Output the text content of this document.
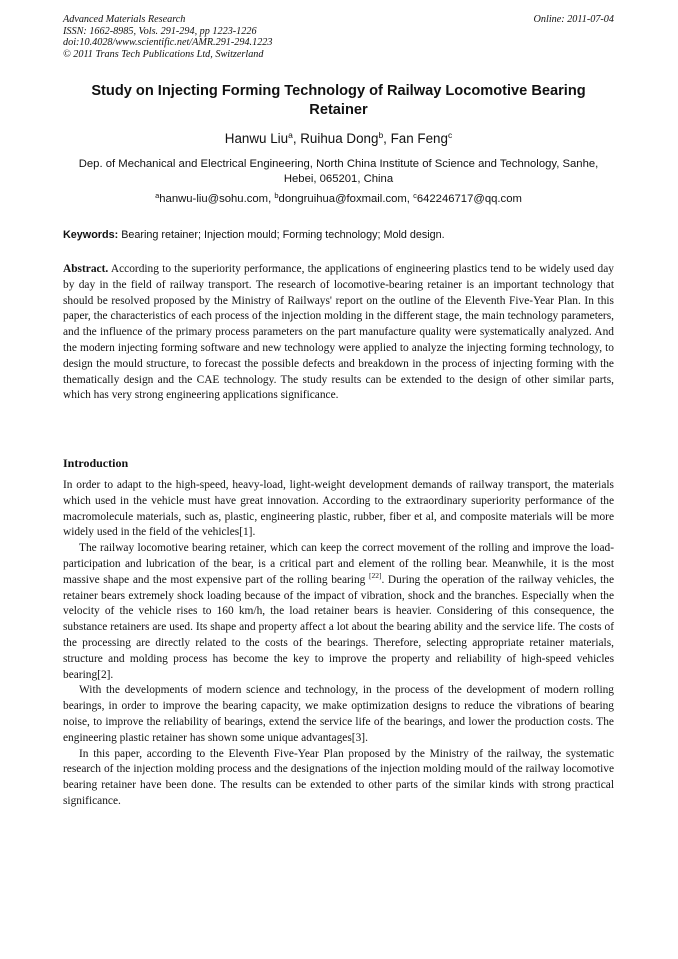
Advanced Materials Research
ISSN: 1662-8985, Vols. 291-294, pp 1223-1226
doi:10.4028/www.scientific.net/AMR.291-294.1223
© 2011 Trans Tech Publications Ltd, Switzerland
Online: 2011-07-04
Study on Injecting Forming Technology of Railway Locomotive Bearing Retainer
Hanwu Liu$^a$, Ruihua Dong$^b$, Fan Feng$^c$
Dep. of Mechanical and Electrical Engineering, North China Institute of Science and Technology, Sanhe, Hebei, 065201, China
$^a$hanwu-liu@sohu.com, $^b$dongruihua@foxmail.com, $^c$642246717@qq.com
Keywords: Bearing retainer; Injection mould; Forming technology; Mold design.

Abstract. According to the superiority performance, the applications of engineering plastics tend to be widely used day by day in the field of railway transport. The research of locomotive-bearing retainer is an important technology that should be resolved proposed by the Ministry of Railways' report on the outline of the Eleventh Five-Year Plan. In this paper, the characteristics of each process of the injection molding in the different stage, the main technology parameters, and the influence of the primary process parameters on the part manufacture quality were systematically analyzed. And the modern injecting forming software and new technology were applied to analyze the injecting forming technology, to design the mould structure, to forecast the possible defects and breakdown in the process of injecting forming with the thematically design and the CAE technology. The study results can be extended to the design of other similar parts, which has very strong engineering applications significance.

Introduction

In order to adapt to the high-speed, heavy-load, light-weight development demands of railway transport, the materials which used in the vehicle must have great innovation. According to the extraordinary superiority performance of the macromolecule materials, such as, plastic, engineering plastic, rubber, fiber et al, and composite materials will be more widely used in the field of the vehicles[1].

The railway locomotive bearing retainer, which can keep the correct movement of the rolling and improve the load-participation and lubrication of the bear, is a critical part and element of the rolling bear. Meanwhile, it is the most massive shape and the most expensive part of the rolling bearing [22]. During the operation of the railway vehicles, the retainer bears extremely shock loading because of the impact of vibration, shock and the branches. Especially when the velocity of the vehicle rises to 160 km/h, the load retainer bears is heavier. Considering of this consequence, the substance retainers are used. Its shape and property affect a lot about the bearing ability and the service life. The costs of the processing are directly related to the costs of the bearings. Therefore, selecting appropriate retainer materials, structure and molding process has become the key to improve the property and reliability of high-speed vehicles bearing[2].

With the developments of modern science and technology, in the process of the development of modern rolling bearings, in order to improve the bearing capacity, we make optimization designs to reduce the vibrations of bearing noise, to improve the reliability of bearings, extend the service life of the bearings, and lower the production costs. The engineering plastic retainer has shown some unique advantages[3].

In this paper, according to the Eleventh Five-Year Plan proposed by the Ministry of the railway, the systematic research of the injection molding process and the designations of the injection molding mould of the railway locomotive bearing retainer have been done. The results can be extended to other parts of the similar kinds with strong practical significance.
